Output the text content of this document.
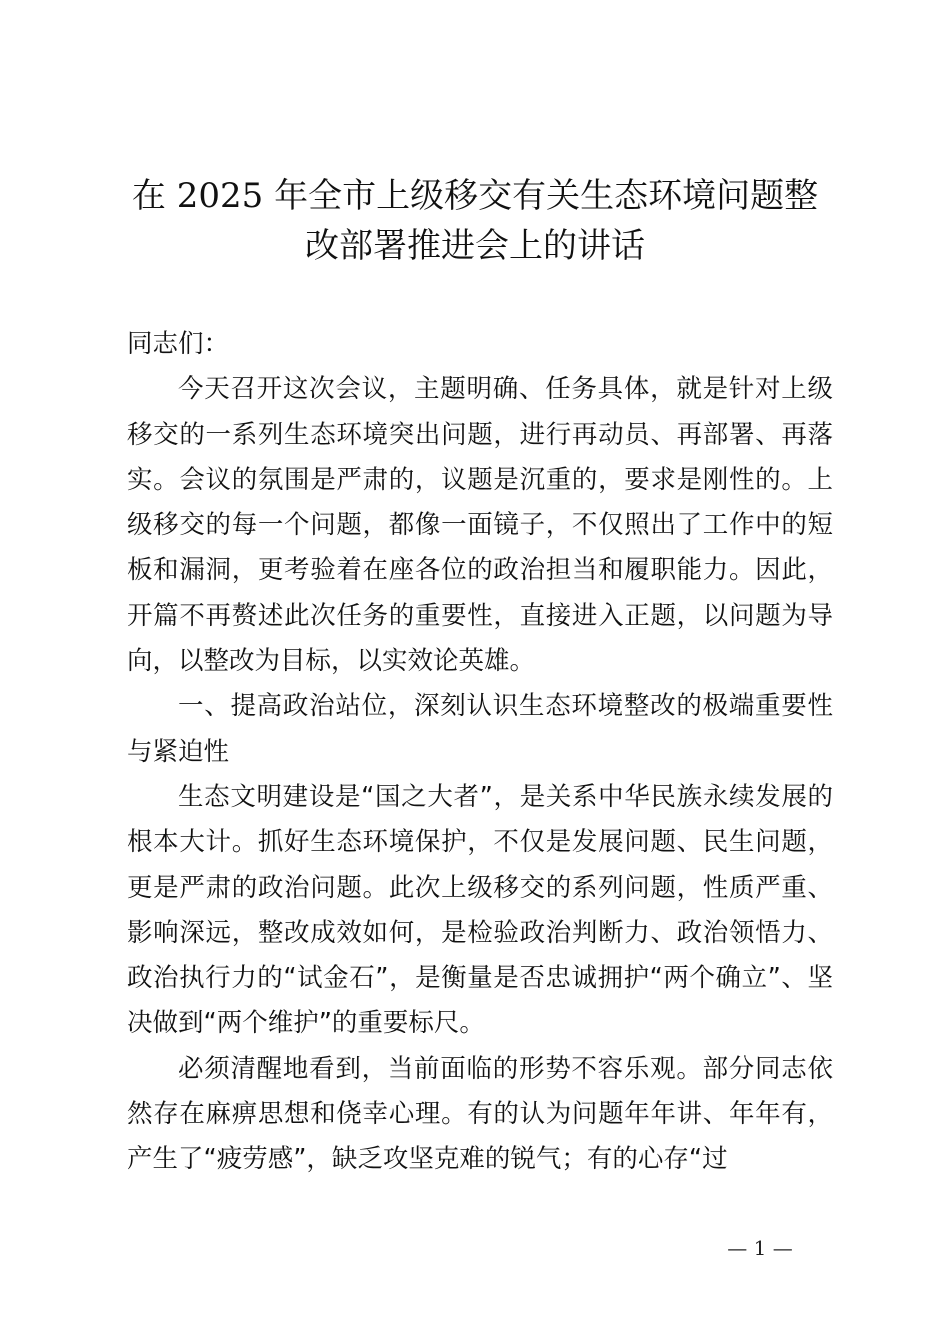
在 2025 年全市上级移交有关生态环境问题整
改部署推进会上的讲话

同志们：

今天召开这次会议，主题明确、任务具体，就是针对上级移交的一系列生态环境突出问题，进行再动员、再部署、再落实。会议的氛围是严肃的，议题是沉重的，要求是刚性的。上级移交的每一个问题，都像一面镜子，不仅照出了工作中的短板和漏洞，更考验着在座各位的政治担当和履职能力。因此，开篇不再赘述此次任务的重要性，直接进入正题，以问题为导向，以整改为目标，以实效论英雄。

一、提高政治站位，深刻认识生态环境整改的极端重要性与紧迫性

生态文明建设是“国之大者”，是关系中华民族永续发展的根本大计。抓好生态环境保护，不仅是发展问题、民生问题，更是严肃的政治问题。此次上级移交的系列问题，性质严重、影响深远，整改成效如何，是检验政治判断力、政治领悟力、政治执行力的“试金石”，是衡量是否忠诚拥护“两个确立”、坚决做到“两个维护”的重要标尺。

必须清醒地看到，当前面临的形势不容乐观。部分同志依然存在麻痹思想和侥幸心理。有的认为问题年年讲、年年有，产生了“疲劳感”，缺乏攻坚克难的锐气；有的心存“过

— 1 —
